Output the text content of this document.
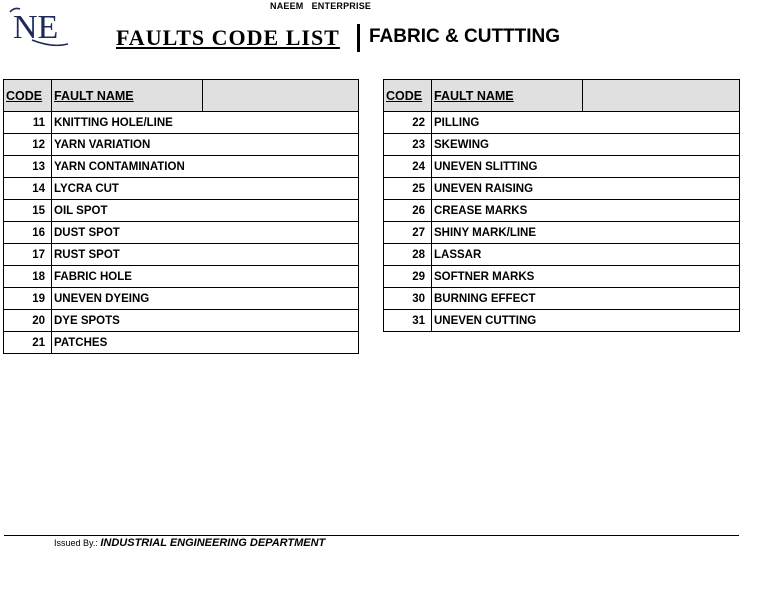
NAEEM   ENTERPRISE
NE	FAULTS CODE LIST FABRIC & CUTTTING
CODE	FAULT NAME	
11	KNITTING HOLE/LINE	
12	YARN VARIATION	
13	YARN CONTAMINATION	
14	LYCRA CUT	
15	OIL SPOT	
16	DUST SPOT	
17	RUST SPOT	
18	FABRIC HOLE	
19	UNEVEN DYEING	
20	DYE SPOTS	
21	PATCHES	
CODE	FAULT NAME	
22	PILLING	
23	SKEWING	
24	UNEVEN SLITTING	
25	UNEVEN RAISING	
26	CREASE MARKS	
27	SHINY MARK/LINE	
28	LASSAR	
29	SOFTNER MARKS	
30	BURNING EFFECT	
31	UNEVEN CUTTING	
Issued By.: INDUSTRIAL ENGINEERING DEPARTMENT
